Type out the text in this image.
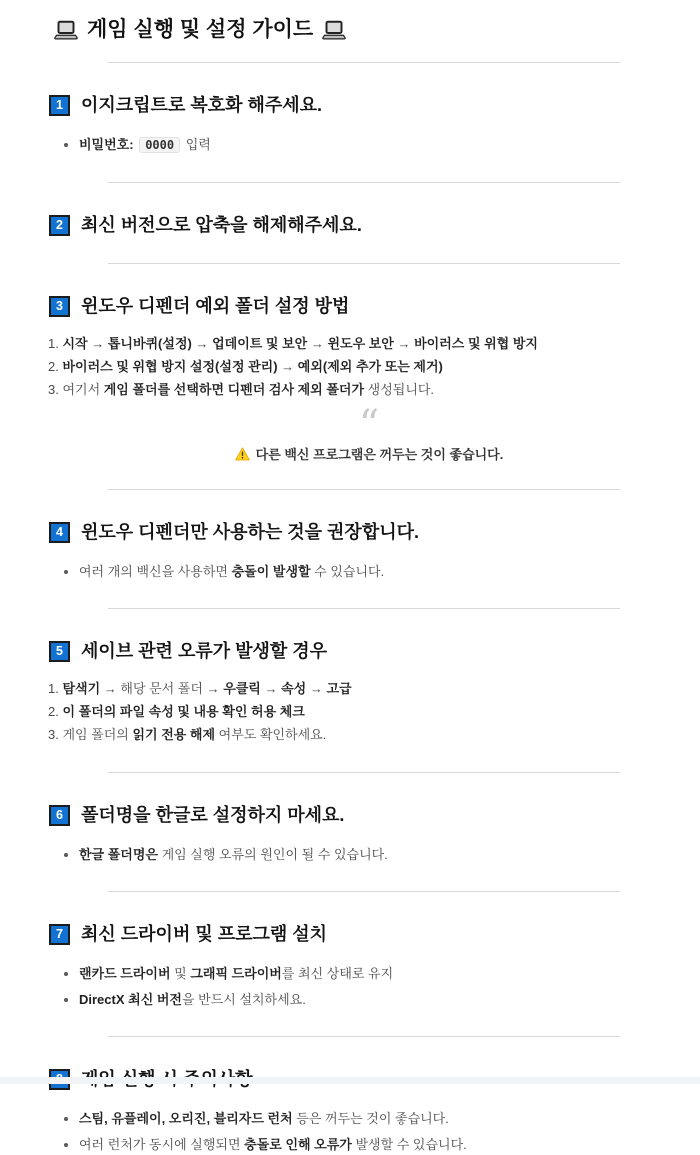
게임 실행 및 설정 가이드
1	이지크립트로 복호화 해주세요.
비밀번호: 0000 입력
2	최신 버전으로 압축을 해제해주세요.
3	윈도우 디펜더 예외 폴더 설정 방법
1. 시작 → 톱니바퀴(설정) → 업데이트 및 보안 → 윈도우 보안 → 바이러스 및 위협 방지
2. 바이러스 및 위협 방지 설정(설정 관리) → 예외(제외 추가 또는 제거)
3. 여기서 게임 폴더를 선택하면 디펜더 검사 제외 폴더가 생성됩니다.
“
다른 백신 프로그램은 꺼두는 것이 좋습니다.
4	윈도우 디펜더만 사용하는 것을 권장합니다.
여러 개의 백신을 사용하면 충돌이 발생할 수 있습니다.
5	세이브 관련 오류가 발생할 경우
1. 탐색기 → 해당 문서 폴더 → 우클릭 → 속성 → 고급
2. 이 폴더의 파일 속성 및 내용 확인 허용 체크
3. 게임 폴더의 읽기 전용 해제 여부도 확인하세요.
6	폴더명을 한글로 설정하지 마세요.
한글 폴더명은 게임 실행 오류의 원인이 될 수 있습니다.
7	최신 드라이버 및 프로그램 설치
랜카드 드라이버 및 그래픽 드라이버를 최신 상태로 유지
DirectX 최신 버전을 반드시 설치하세요.
스팀, 유플레이, 오리진, 블리자드 런처 등은 꺼두는 것이 좋습니다.
여러 런처가 동시에 실행되면 충돌로 인해 오류가 발생할 수 있습니다.
